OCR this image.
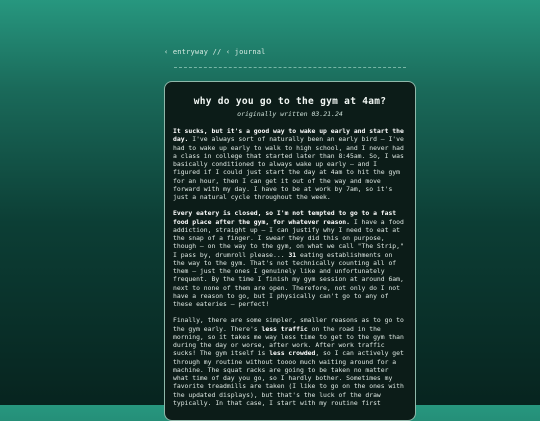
‹ entryway // ‹ journal
why do you go to the gym at 4am?
originally written 03.21.24

It sucks, but it's a good way to wake up early and start the day. I've always sort of naturally been an early bird — I've had to wake up early to walk to high school, and I never had a class in college that started later than 8:45am. So, I was basically conditioned to always wake up early — and I figured if I could just start the day at 4am to hit the gym for an hour, then I can get it out of the way and move forward with my day. I have to be at work by 7am, so it's just a natural cycle throughout the week.

Every eatery is closed, so I'm not tempted to go to a fast food place after the gym, for whatever reason. I have a food addiction, straight up — I can justify why I need to eat at the snap of a finger. I swear they did this on purpose, though — on the way to the gym, on what we call "The Strip," I pass by, drumroll please... 31 eating establishments on the way to the gym. That's not technically counting all of them — just the ones I genuinely like and unfortunately frequent. By the time I finish my gym session at around 6am, next to none of them are open. Therefore, not only do I not have a reason to go, but I physically can't go to any of these eateries — perfect!

Finally, there are some simpler, smaller reasons as to go to the gym early. There's less traffic on the road in the morning, so it takes me way less time to get to the gym than during the day or worse, after work. After work traffic sucks! The gym itself is less crowded, so I can actively get through my routine without toooo much waiting around for a machine. The squat racks are going to be taken no matter what time of day you go, so I hardly bother. Sometimes my favorite treadmills are taken (I like to go on the ones with the updated displays), but that's the luck of the draw typically. In that case, I start with my routine first
